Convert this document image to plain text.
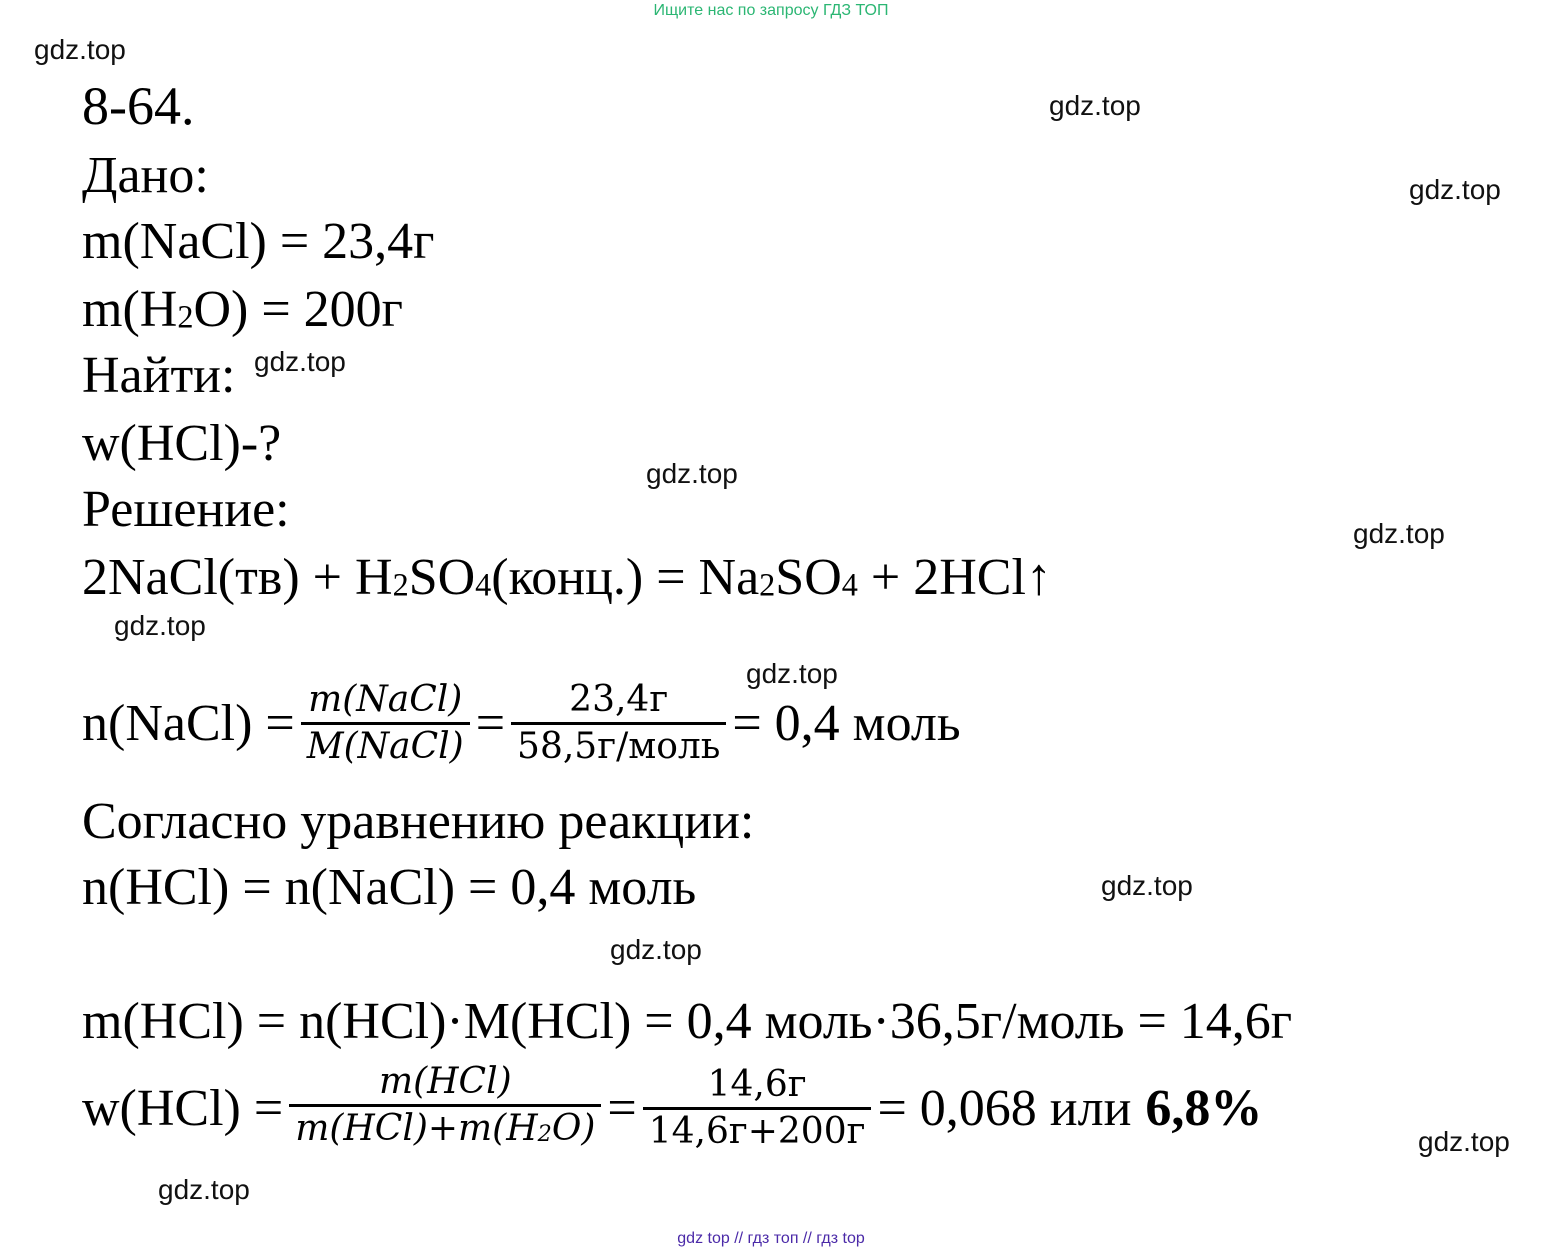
Ищите нас по запросу ГДЗ ТОП
gdz.top
gdz.top
gdz.top
gdz.top
gdz.top
gdz.top
gdz.top
gdz.top
gdz.top
gdz.top
gdz.top
gdz.top
8-64.
Дано:
m(NaCl) = 23,4г
$m(H_2O) = 200г$
Найти:
w(HCl)-?
Решение:
2NaCl(тв) + $H_2SO_4(конц.) = Na_2SO_4$ + 2HCl↑
n(NaCl) = $\frac{\text{m(NaCl)}}{\text{M(NaCl)}} = \frac{23,4г}{\text{58,5г/моль}} = 0,4$ моль
Согласно уравнению реакции:
n(HCl) = n(NaCl) = 0,4 моль
m(HCl) = n(HCl)·M(HCl) = 0,4 моль·36,5г/моль = 14,6г
$w(HCl) = \frac{\text{m(HCl)}}{m(HCl)+m(H_2O)} = \frac{14,6г}{14,6г+200г} = 0,068$ или 6,8%
gdz top // гдз топ // гдз top
